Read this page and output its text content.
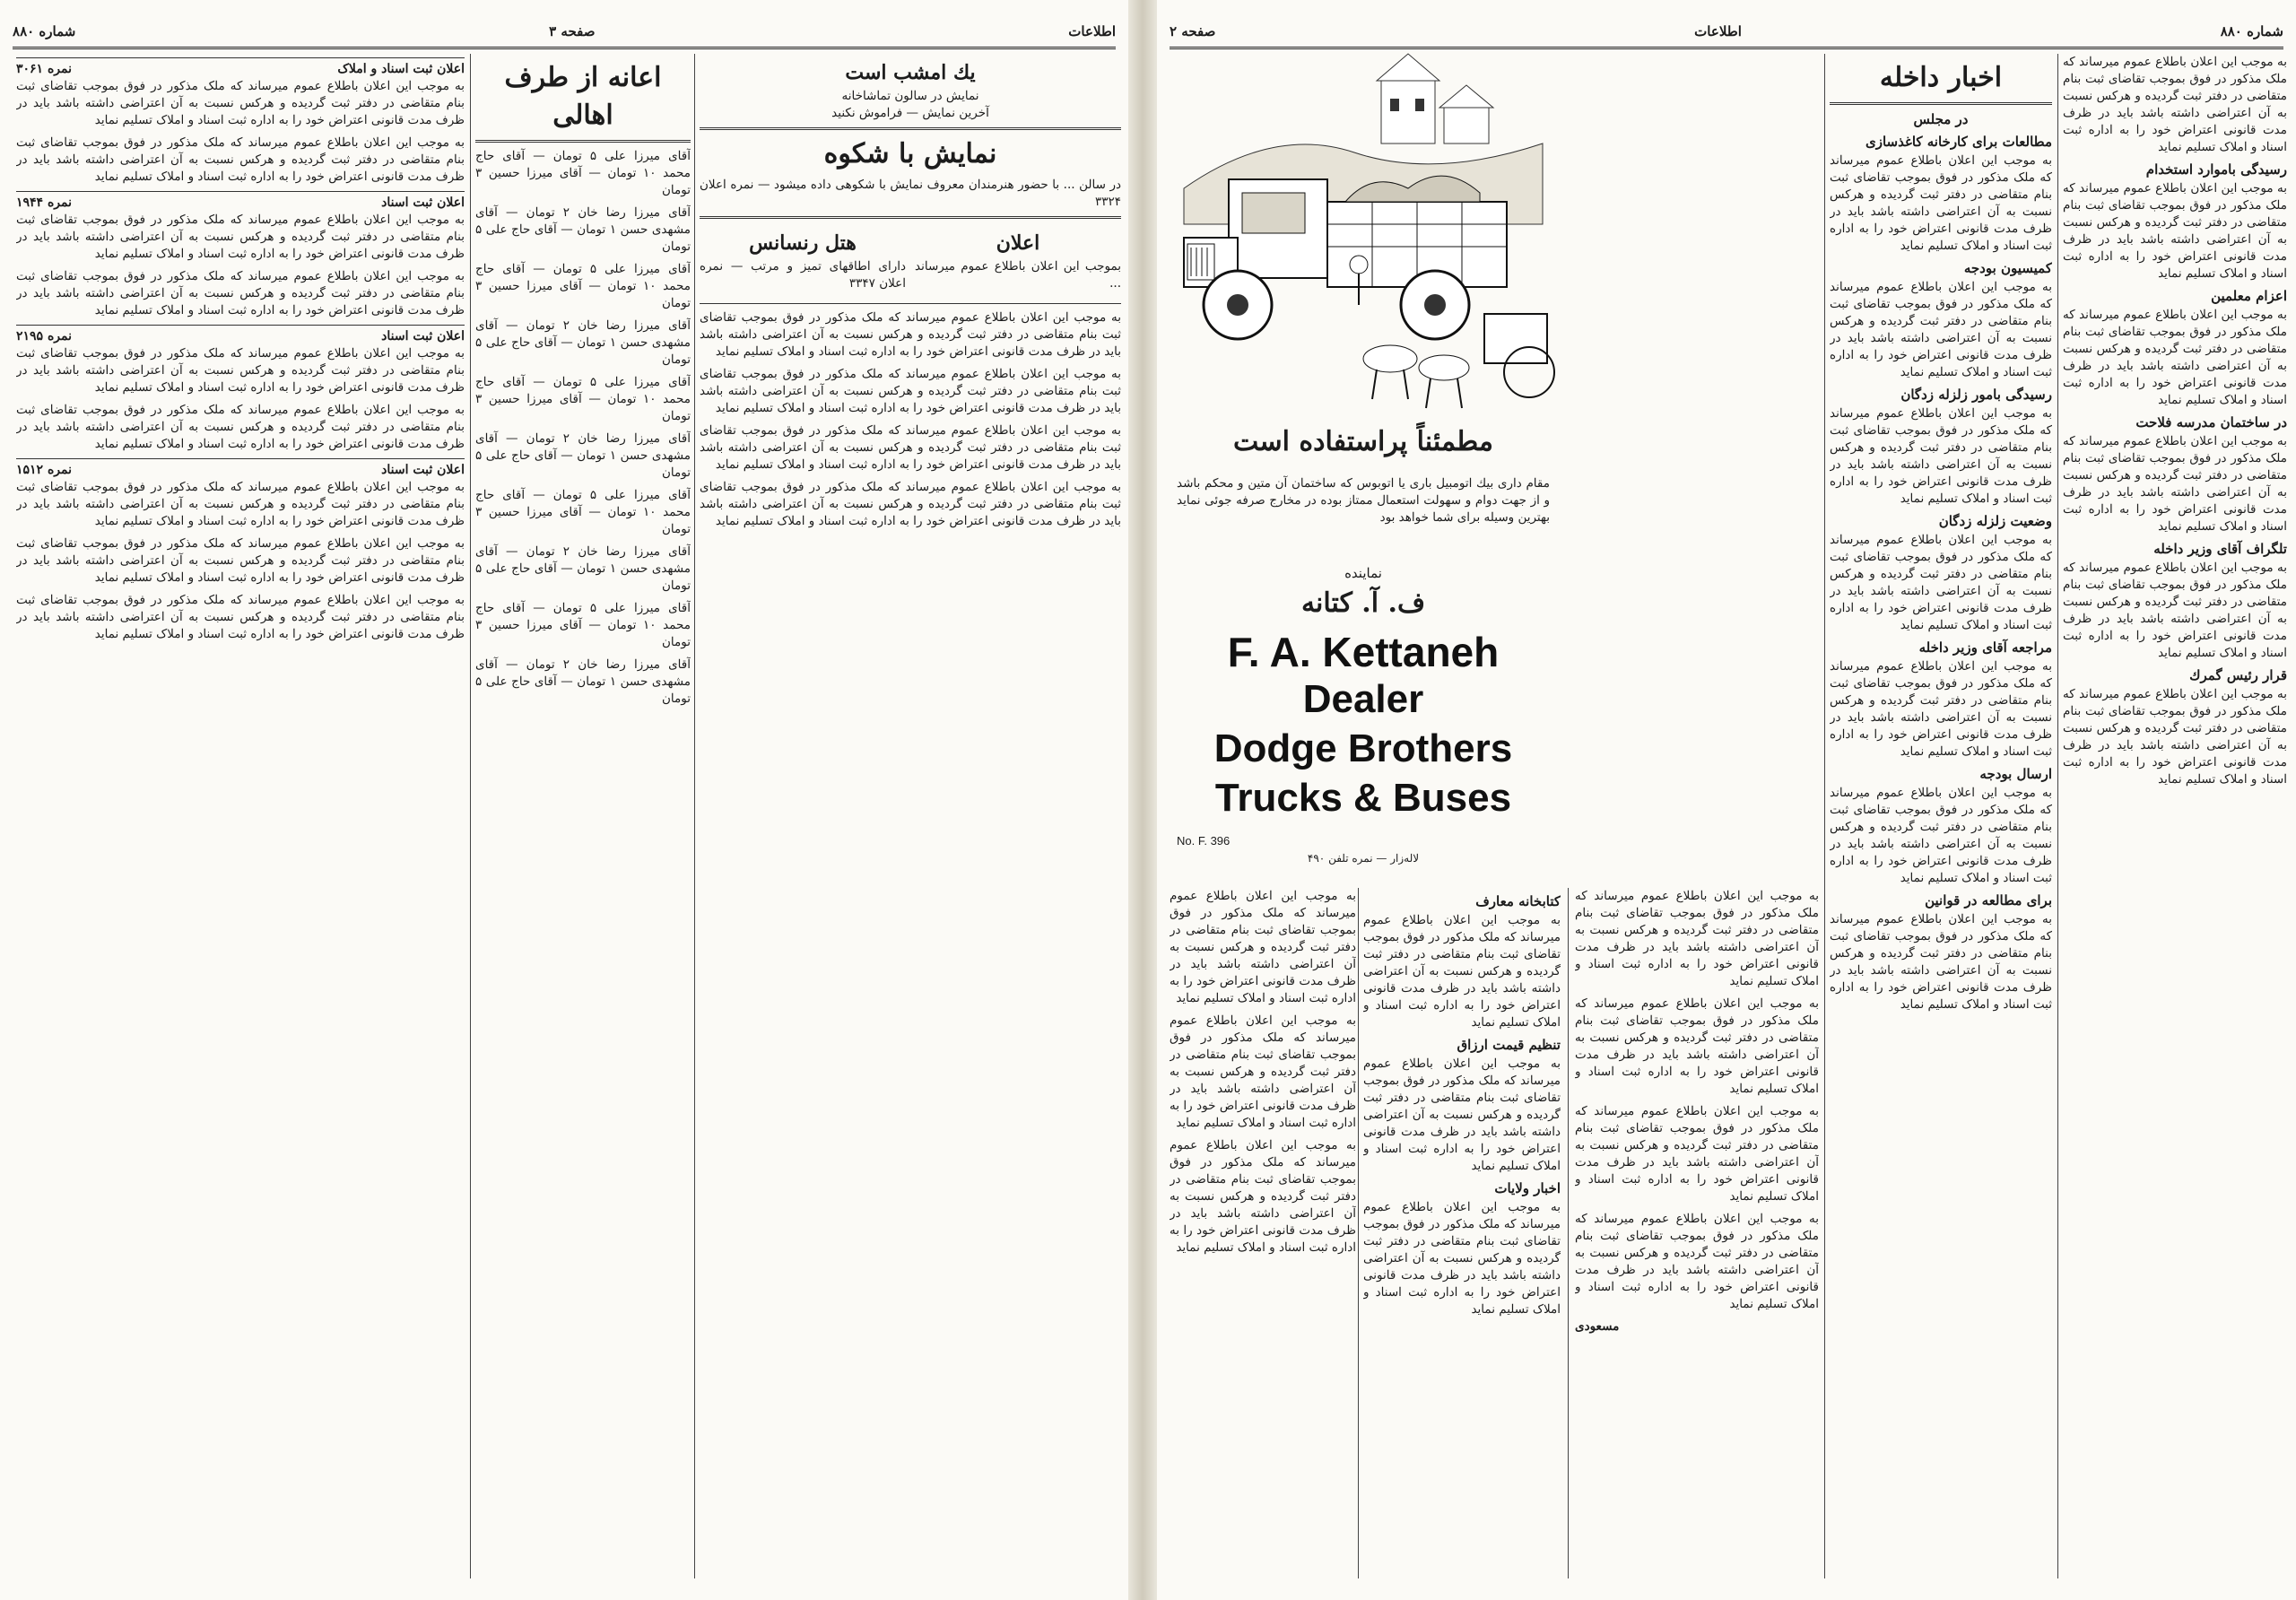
اطلاعات
صفحه ۳
شماره ۸۸۰
یك امشب است
نمایش در سالون تماشاخانه
آخرین نمایش — فراموش نکنید
نمایش با شکوه

در سالن ... با حضور هنرمندان معروف نمایش با شکوهی داده میشود — نمره اعلان ۳۳۲۴

اعلان

بموجب این اعلان باطلاع عموم میرساند ...

هتل رنسانس

دارای اطاقهای تمیز و مرتب — نمره اعلان ۳۳۴۷

به موجب این اعلان باطلاع عموم میرساند که ملک مذکور در فوق بموجب تقاضای ثبت بنام متقاضی در دفتر ثبت گردیده و هرکس نسبت به آن اعتراضی داشته باشد باید در ظرف مدت قانونی اعتراض خود را به اداره ثبت اسناد و املاک تسلیم نماید

به موجب این اعلان باطلاع عموم میرساند که ملک مذکور در فوق بموجب تقاضای ثبت بنام متقاضی در دفتر ثبت گردیده و هرکس نسبت به آن اعتراضی داشته باشد باید در ظرف مدت قانونی اعتراض خود را به اداره ثبت اسناد و املاک تسلیم نماید

به موجب این اعلان باطلاع عموم میرساند که ملک مذکور در فوق بموجب تقاضای ثبت بنام متقاضی در دفتر ثبت گردیده و هرکس نسبت به آن اعتراضی داشته باشد باید در ظرف مدت قانونی اعتراض خود را به اداره ثبت اسناد و املاک تسلیم نماید

به موجب این اعلان باطلاع عموم میرساند که ملک مذکور در فوق بموجب تقاضای ثبت بنام متقاضی در دفتر ثبت گردیده و هرکس نسبت به آن اعتراضی داشته باشد باید در ظرف مدت قانونی اعتراض خود را به اداره ثبت اسناد و املاک تسلیم نماید

اعانه از طرف اهالی

آقای میرزا علی ۵ تومان — آقای حاج محمد ۱۰ تومان — آقای میرزا حسین ۳ تومان

آقای میرزا رضا خان ۲ تومان — آقای مشهدی حسن ۱ تومان — آقای حاج علی ۵ تومان

آقای میرزا علی ۵ تومان — آقای حاج محمد ۱۰ تومان — آقای میرزا حسین ۳ تومان

آقای میرزا رضا خان ۲ تومان — آقای مشهدی حسن ۱ تومان — آقای حاج علی ۵ تومان

آقای میرزا علی ۵ تومان — آقای حاج محمد ۱۰ تومان — آقای میرزا حسین ۳ تومان

آقای میرزا رضا خان ۲ تومان — آقای مشهدی حسن ۱ تومان — آقای حاج علی ۵ تومان

آقای میرزا علی ۵ تومان — آقای حاج محمد ۱۰ تومان — آقای میرزا حسین ۳ تومان

آقای میرزا رضا خان ۲ تومان — آقای مشهدی حسن ۱ تومان — آقای حاج علی ۵ تومان

آقای میرزا علی ۵ تومان — آقای حاج محمد ۱۰ تومان — آقای میرزا حسین ۳ تومان

آقای میرزا رضا خان ۲ تومان — آقای مشهدی حسن ۱ تومان — آقای حاج علی ۵ تومان

اعلان ثبت اسناد و املاک
نمره ۳۰۶۱

به موجب این اعلان باطلاع عموم میرساند که ملک مذکور در فوق بموجب تقاضای ثبت بنام متقاضی در دفتر ثبت گردیده و هرکس نسبت به آن اعتراضی داشته باشد باید در ظرف مدت قانونی اعتراض خود را به اداره ثبت اسناد و املاک تسلیم نماید

به موجب این اعلان باطلاع عموم میرساند که ملک مذکور در فوق بموجب تقاضای ثبت بنام متقاضی در دفتر ثبت گردیده و هرکس نسبت به آن اعتراضی داشته باشد باید در ظرف مدت قانونی اعتراض خود را به اداره ثبت اسناد و املاک تسلیم نماید

اعلان ثبت اسناد
نمره ۱۹۴۴

به موجب این اعلان باطلاع عموم میرساند که ملک مذکور در فوق بموجب تقاضای ثبت بنام متقاضی در دفتر ثبت گردیده و هرکس نسبت به آن اعتراضی داشته باشد باید در ظرف مدت قانونی اعتراض خود را به اداره ثبت اسناد و املاک تسلیم نماید

به موجب این اعلان باطلاع عموم میرساند که ملک مذکور در فوق بموجب تقاضای ثبت بنام متقاضی در دفتر ثبت گردیده و هرکس نسبت به آن اعتراضی داشته باشد باید در ظرف مدت قانونی اعتراض خود را به اداره ثبت اسناد و املاک تسلیم نماید

اعلان ثبت اسناد
نمره ۲۱۹۵

به موجب این اعلان باطلاع عموم میرساند که ملک مذکور در فوق بموجب تقاضای ثبت بنام متقاضی در دفتر ثبت گردیده و هرکس نسبت به آن اعتراضی داشته باشد باید در ظرف مدت قانونی اعتراض خود را به اداره ثبت اسناد و املاک تسلیم نماید

به موجب این اعلان باطلاع عموم میرساند که ملک مذکور در فوق بموجب تقاضای ثبت بنام متقاضی در دفتر ثبت گردیده و هرکس نسبت به آن اعتراضی داشته باشد باید در ظرف مدت قانونی اعتراض خود را به اداره ثبت اسناد و املاک تسلیم نماید

اعلان ثبت اسناد
نمره ۱۵۱۲

به موجب این اعلان باطلاع عموم میرساند که ملک مذکور در فوق بموجب تقاضای ثبت بنام متقاضی در دفتر ثبت گردیده و هرکس نسبت به آن اعتراضی داشته باشد باید در ظرف مدت قانونی اعتراض خود را به اداره ثبت اسناد و املاک تسلیم نماید

به موجب این اعلان باطلاع عموم میرساند که ملک مذکور در فوق بموجب تقاضای ثبت بنام متقاضی در دفتر ثبت گردیده و هرکس نسبت به آن اعتراضی داشته باشد باید در ظرف مدت قانونی اعتراض خود را به اداره ثبت اسناد و املاک تسلیم نماید

به موجب این اعلان باطلاع عموم میرساند که ملک مذکور در فوق بموجب تقاضای ثبت بنام متقاضی در دفتر ثبت گردیده و هرکس نسبت به آن اعتراضی داشته باشد باید در ظرف مدت قانونی اعتراض خود را به اداره ثبت اسناد و املاک تسلیم نماید

شماره ۸۸۰
اطلاعات
صفحه ۲

به موجب این اعلان باطلاع عموم میرساند که ملک مذکور در فوق بموجب تقاضای ثبت بنام متقاضی در دفتر ثبت گردیده و هرکس نسبت به آن اعتراضی داشته باشد باید در ظرف مدت قانونی اعتراض خود را به اداره ثبت اسناد و املاک تسلیم نماید

رسیدگی باموارد استخدام

به موجب این اعلان باطلاع عموم میرساند که ملک مذکور در فوق بموجب تقاضای ثبت بنام متقاضی در دفتر ثبت گردیده و هرکس نسبت به آن اعتراضی داشته باشد باید در ظرف مدت قانونی اعتراض خود را به اداره ثبت اسناد و املاک تسلیم نماید

اعزام معلمین

به موجب این اعلان باطلاع عموم میرساند که ملک مذکور در فوق بموجب تقاضای ثبت بنام متقاضی در دفتر ثبت گردیده و هرکس نسبت به آن اعتراضی داشته باشد باید در ظرف مدت قانونی اعتراض خود را به اداره ثبت اسناد و املاک تسلیم نماید

در ساختمان مدرسه فلاحت

به موجب این اعلان باطلاع عموم میرساند که ملک مذکور در فوق بموجب تقاضای ثبت بنام متقاضی در دفتر ثبت گردیده و هرکس نسبت به آن اعتراضی داشته باشد باید در ظرف مدت قانونی اعتراض خود را به اداره ثبت اسناد و املاک تسلیم نماید

تلگراف آقای وزیر داخله

به موجب این اعلان باطلاع عموم میرساند که ملک مذکور در فوق بموجب تقاضای ثبت بنام متقاضی در دفتر ثبت گردیده و هرکس نسبت به آن اعتراضی داشته باشد باید در ظرف مدت قانونی اعتراض خود را به اداره ثبت اسناد و املاک تسلیم نماید

قرار رئیس گمرك

به موجب این اعلان باطلاع عموم میرساند که ملک مذکور در فوق بموجب تقاضای ثبت بنام متقاضی در دفتر ثبت گردیده و هرکس نسبت به آن اعتراضی داشته باشد باید در ظرف مدت قانونی اعتراض خود را به اداره ثبت اسناد و املاک تسلیم نماید

اخبار داخله
در مجلس
مطالعات برای کارخانه کاغذسازی

به موجب این اعلان باطلاع عموم میرساند که ملک مذکور در فوق بموجب تقاضای ثبت بنام متقاضی در دفتر ثبت گردیده و هرکس نسبت به آن اعتراضی داشته باشد باید در ظرف مدت قانونی اعتراض خود را به اداره ثبت اسناد و املاک تسلیم نماید

کمیسیون بودجه

به موجب این اعلان باطلاع عموم میرساند که ملک مذکور در فوق بموجب تقاضای ثبت بنام متقاضی در دفتر ثبت گردیده و هرکس نسبت به آن اعتراضی داشته باشد باید در ظرف مدت قانونی اعتراض خود را به اداره ثبت اسناد و املاک تسلیم نماید

رسیدگی بامور زلزله زدگان

به موجب این اعلان باطلاع عموم میرساند که ملک مذکور در فوق بموجب تقاضای ثبت بنام متقاضی در دفتر ثبت گردیده و هرکس نسبت به آن اعتراضی داشته باشد باید در ظرف مدت قانونی اعتراض خود را به اداره ثبت اسناد و املاک تسلیم نماید

وضعیت زلزله زدگان

به موجب این اعلان باطلاع عموم میرساند که ملک مذکور در فوق بموجب تقاضای ثبت بنام متقاضی در دفتر ثبت گردیده و هرکس نسبت به آن اعتراضی داشته باشد باید در ظرف مدت قانونی اعتراض خود را به اداره ثبت اسناد و املاک تسلیم نماید

مراجعه آقای وزیر داخله

به موجب این اعلان باطلاع عموم میرساند که ملک مذکور در فوق بموجب تقاضای ثبت بنام متقاضی در دفتر ثبت گردیده و هرکس نسبت به آن اعتراضی داشته باشد باید در ظرف مدت قانونی اعتراض خود را به اداره ثبت اسناد و املاک تسلیم نماید

ارسال بودجه

به موجب این اعلان باطلاع عموم میرساند که ملک مذکور در فوق بموجب تقاضای ثبت بنام متقاضی در دفتر ثبت گردیده و هرکس نسبت به آن اعتراضی داشته باشد باید در ظرف مدت قانونی اعتراض خود را به اداره ثبت اسناد و املاک تسلیم نماید

برای مطالعه در قوانین

به موجب این اعلان باطلاع عموم میرساند که ملک مذکور در فوق بموجب تقاضای ثبت بنام متقاضی در دفتر ثبت گردیده و هرکس نسبت به آن اعتراضی داشته باشد باید در ظرف مدت قانونی اعتراض خود را به اداره ثبت اسناد و املاک تسلیم نماید

کتابخانه معارف

به موجب این اعلان باطلاع عموم میرساند که ملک مذکور در فوق بموجب تقاضای ثبت بنام متقاضی در دفتر ثبت گردیده و هرکس نسبت به آن اعتراضی داشته باشد باید در ظرف مدت قانونی اعتراض خود را به اداره ثبت اسناد و املاک تسلیم نماید

تنظیم قیمت ارزاق

به موجب این اعلان باطلاع عموم میرساند که ملک مذکور در فوق بموجب تقاضای ثبت بنام متقاضی در دفتر ثبت گردیده و هرکس نسبت به آن اعتراضی داشته باشد باید در ظرف مدت قانونی اعتراض خود را به اداره ثبت اسناد و املاک تسلیم نماید

اخبار ولایات

به موجب این اعلان باطلاع عموم میرساند که ملک مذکور در فوق بموجب تقاضای ثبت بنام متقاضی در دفتر ثبت گردیده و هرکس نسبت به آن اعتراضی داشته باشد باید در ظرف مدت قانونی اعتراض خود را به اداره ثبت اسناد و املاک تسلیم نماید

به موجب این اعلان باطلاع عموم میرساند که ملک مذکور در فوق بموجب تقاضای ثبت بنام متقاضی در دفتر ثبت گردیده و هرکس نسبت به آن اعتراضی داشته باشد باید در ظرف مدت قانونی اعتراض خود را به اداره ثبت اسناد و املاک تسلیم نماید

به موجب این اعلان باطلاع عموم میرساند که ملک مذکور در فوق بموجب تقاضای ثبت بنام متقاضی در دفتر ثبت گردیده و هرکس نسبت به آن اعتراضی داشته باشد باید در ظرف مدت قانونی اعتراض خود را به اداره ثبت اسناد و املاک تسلیم نماید

به موجب این اعلان باطلاع عموم میرساند که ملک مذکور در فوق بموجب تقاضای ثبت بنام متقاضی در دفتر ثبت گردیده و هرکس نسبت به آن اعتراضی داشته باشد باید در ظرف مدت قانونی اعتراض خود را به اداره ثبت اسناد و املاک تسلیم نماید

به موجب این اعلان باطلاع عموم میرساند که ملک مذکور در فوق بموجب تقاضای ثبت بنام متقاضی در دفتر ثبت گردیده و هرکس نسبت به آن اعتراضی داشته باشد باید در ظرف مدت قانونی اعتراض خود را به اداره ثبت اسناد و املاک تسلیم نماید

مسعودی

به موجب این اعلان باطلاع عموم میرساند که ملک مذکور در فوق بموجب تقاضای ثبت بنام متقاضی در دفتر ثبت گردیده و هرکس نسبت به آن اعتراضی داشته باشد باید در ظرف مدت قانونی اعتراض خود را به اداره ثبت اسناد و املاک تسلیم نماید

به موجب این اعلان باطلاع عموم میرساند که ملک مذکور در فوق بموجب تقاضای ثبت بنام متقاضی در دفتر ثبت گردیده و هرکس نسبت به آن اعتراضی داشته باشد باید در ظرف مدت قانونی اعتراض خود را به اداره ثبت اسناد و املاک تسلیم نماید

به موجب این اعلان باطلاع عموم میرساند که ملک مذکور در فوق بموجب تقاضای ثبت بنام متقاضی در دفتر ثبت گردیده و هرکس نسبت به آن اعتراضی داشته باشد باید در ظرف مدت قانونی اعتراض خود را به اداره ثبت اسناد و املاک تسلیم نماید

مطمئناً پراستفاده است
مقام داری بیك اتومبیل باری یا اتوبوس که ساختمان آن متین و محکم باشد و از جهت دوام و سهولت استعمال ممتاز بوده در مخارج صرفه جوئی نماید بهترین وسیله برای شما خواهد بود
نماینده
ف. آ. کتانه
F. A. Kettaneh
Dealer
Dodge Brothers
Trucks & Buses
No. F. 396
لاله‌زار — نمره تلفن ۴۹۰
